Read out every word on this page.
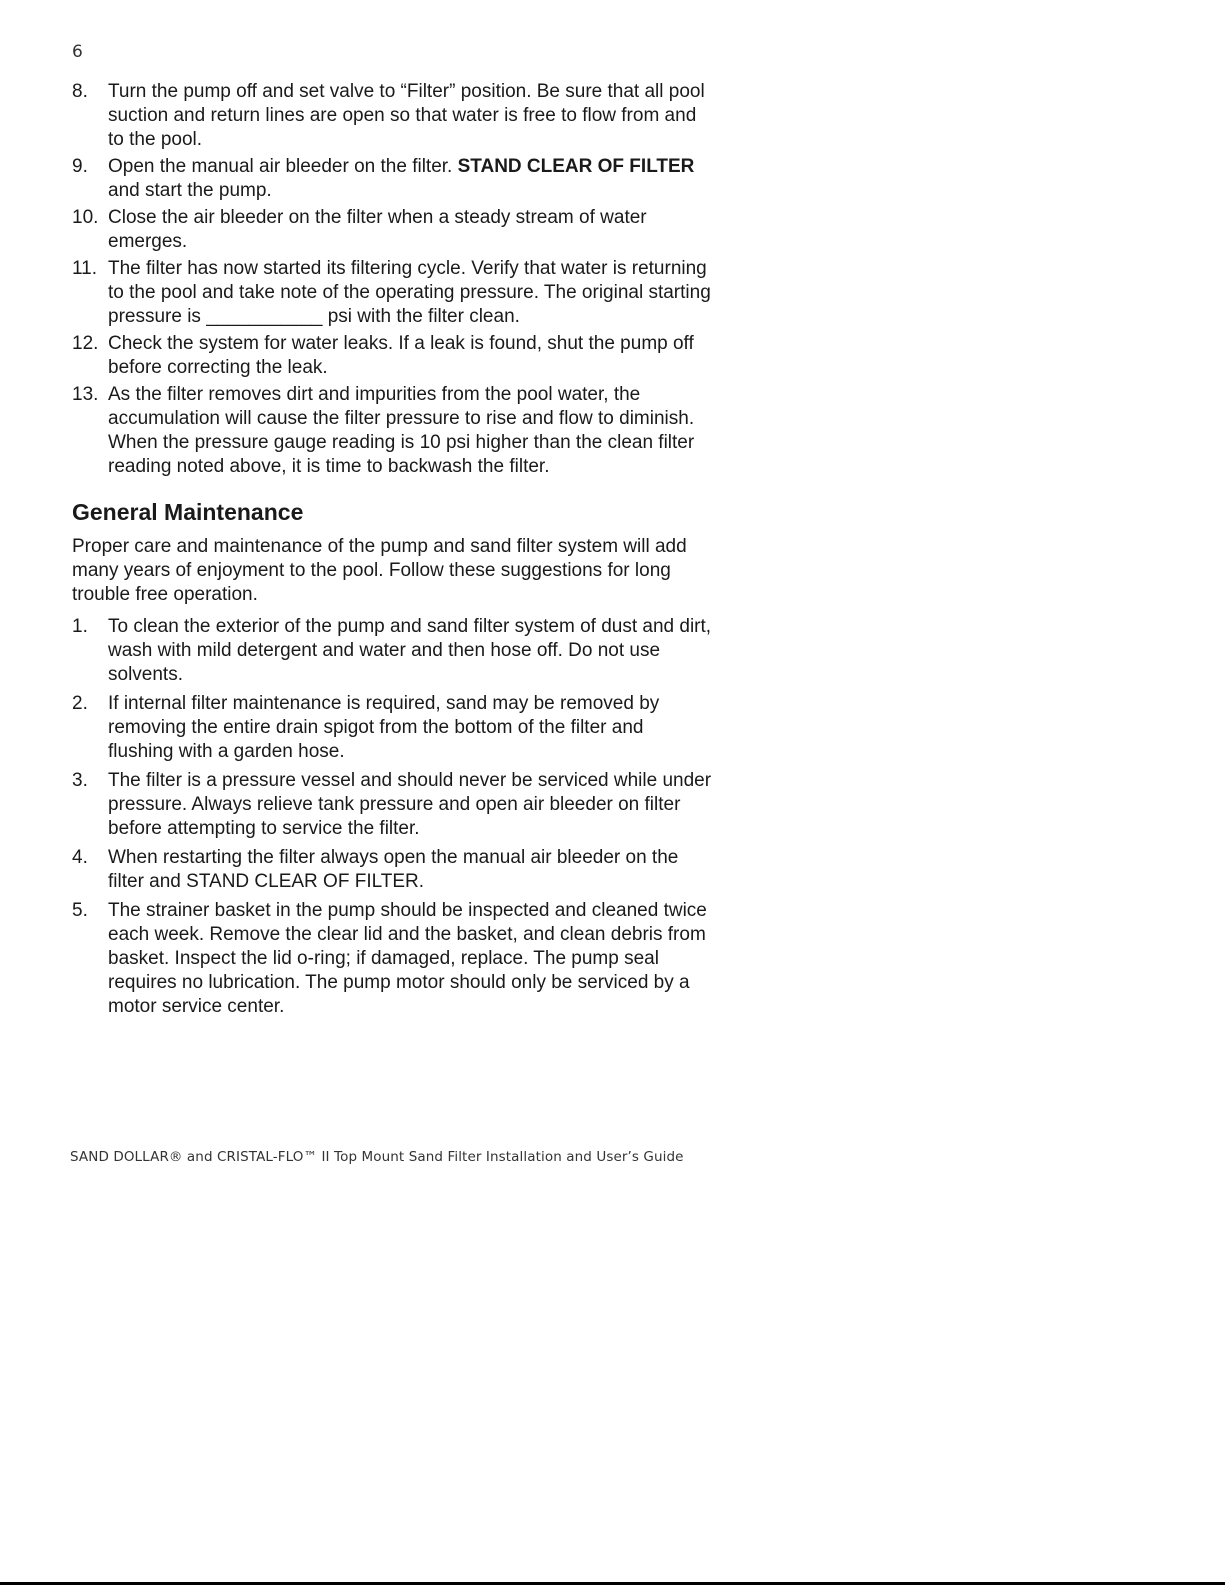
6
8. Turn the pump off and set valve to “Filter” position. Be sure that all pool suction and return lines are open so that water is free to flow from and to the pool.
9. Open the manual air bleeder on the filter. STAND CLEAR OF FILTER and start the pump.
10. Close the air bleeder on the filter when a steady stream of water emerges.
11. The filter has now started its filtering cycle. Verify that water is returning to the pool and take note of the operating pressure. The original starting pressure is ___________ psi with the filter clean.
12. Check the system for water leaks. If a leak is found, shut the pump off before correcting the leak.
13. As the filter removes dirt and impurities from the pool water, the accumulation will cause the filter pressure to rise and flow to diminish. When the pressure gauge reading is 10 psi higher than the clean filter reading noted above, it is time to backwash the filter.
General Maintenance

Proper care and maintenance of the pump and sand filter system will add many years of enjoyment to the pool. Follow these suggestions for long trouble free operation.

1. To clean the exterior of the pump and sand filter system of dust and dirt, wash with mild detergent and water and then hose off. Do not use solvents.
2. If internal filter maintenance is required, sand may be removed by removing the entire drain spigot from the bottom of the filter and flushing with a garden hose.
3. The filter is a pressure vessel and should never be serviced while under pressure. Always relieve tank pressure and open air bleeder on filter before attempting to service the filter.
4. When restarting the filter always open the manual air bleeder on the filter and STAND CLEAR OF FILTER.
5. The strainer basket in the pump should be inspected and cleaned twice each week. Remove the clear lid and the basket, and clean debris from basket. Inspect the lid o-ring; if damaged, replace. The pump seal requires no lubrication. The pump motor should only be serviced by a motor service center.
SAND DOLLAR® and CRISTAL-FLO™ II Top Mount Sand Filter Installation and User’s Guide
